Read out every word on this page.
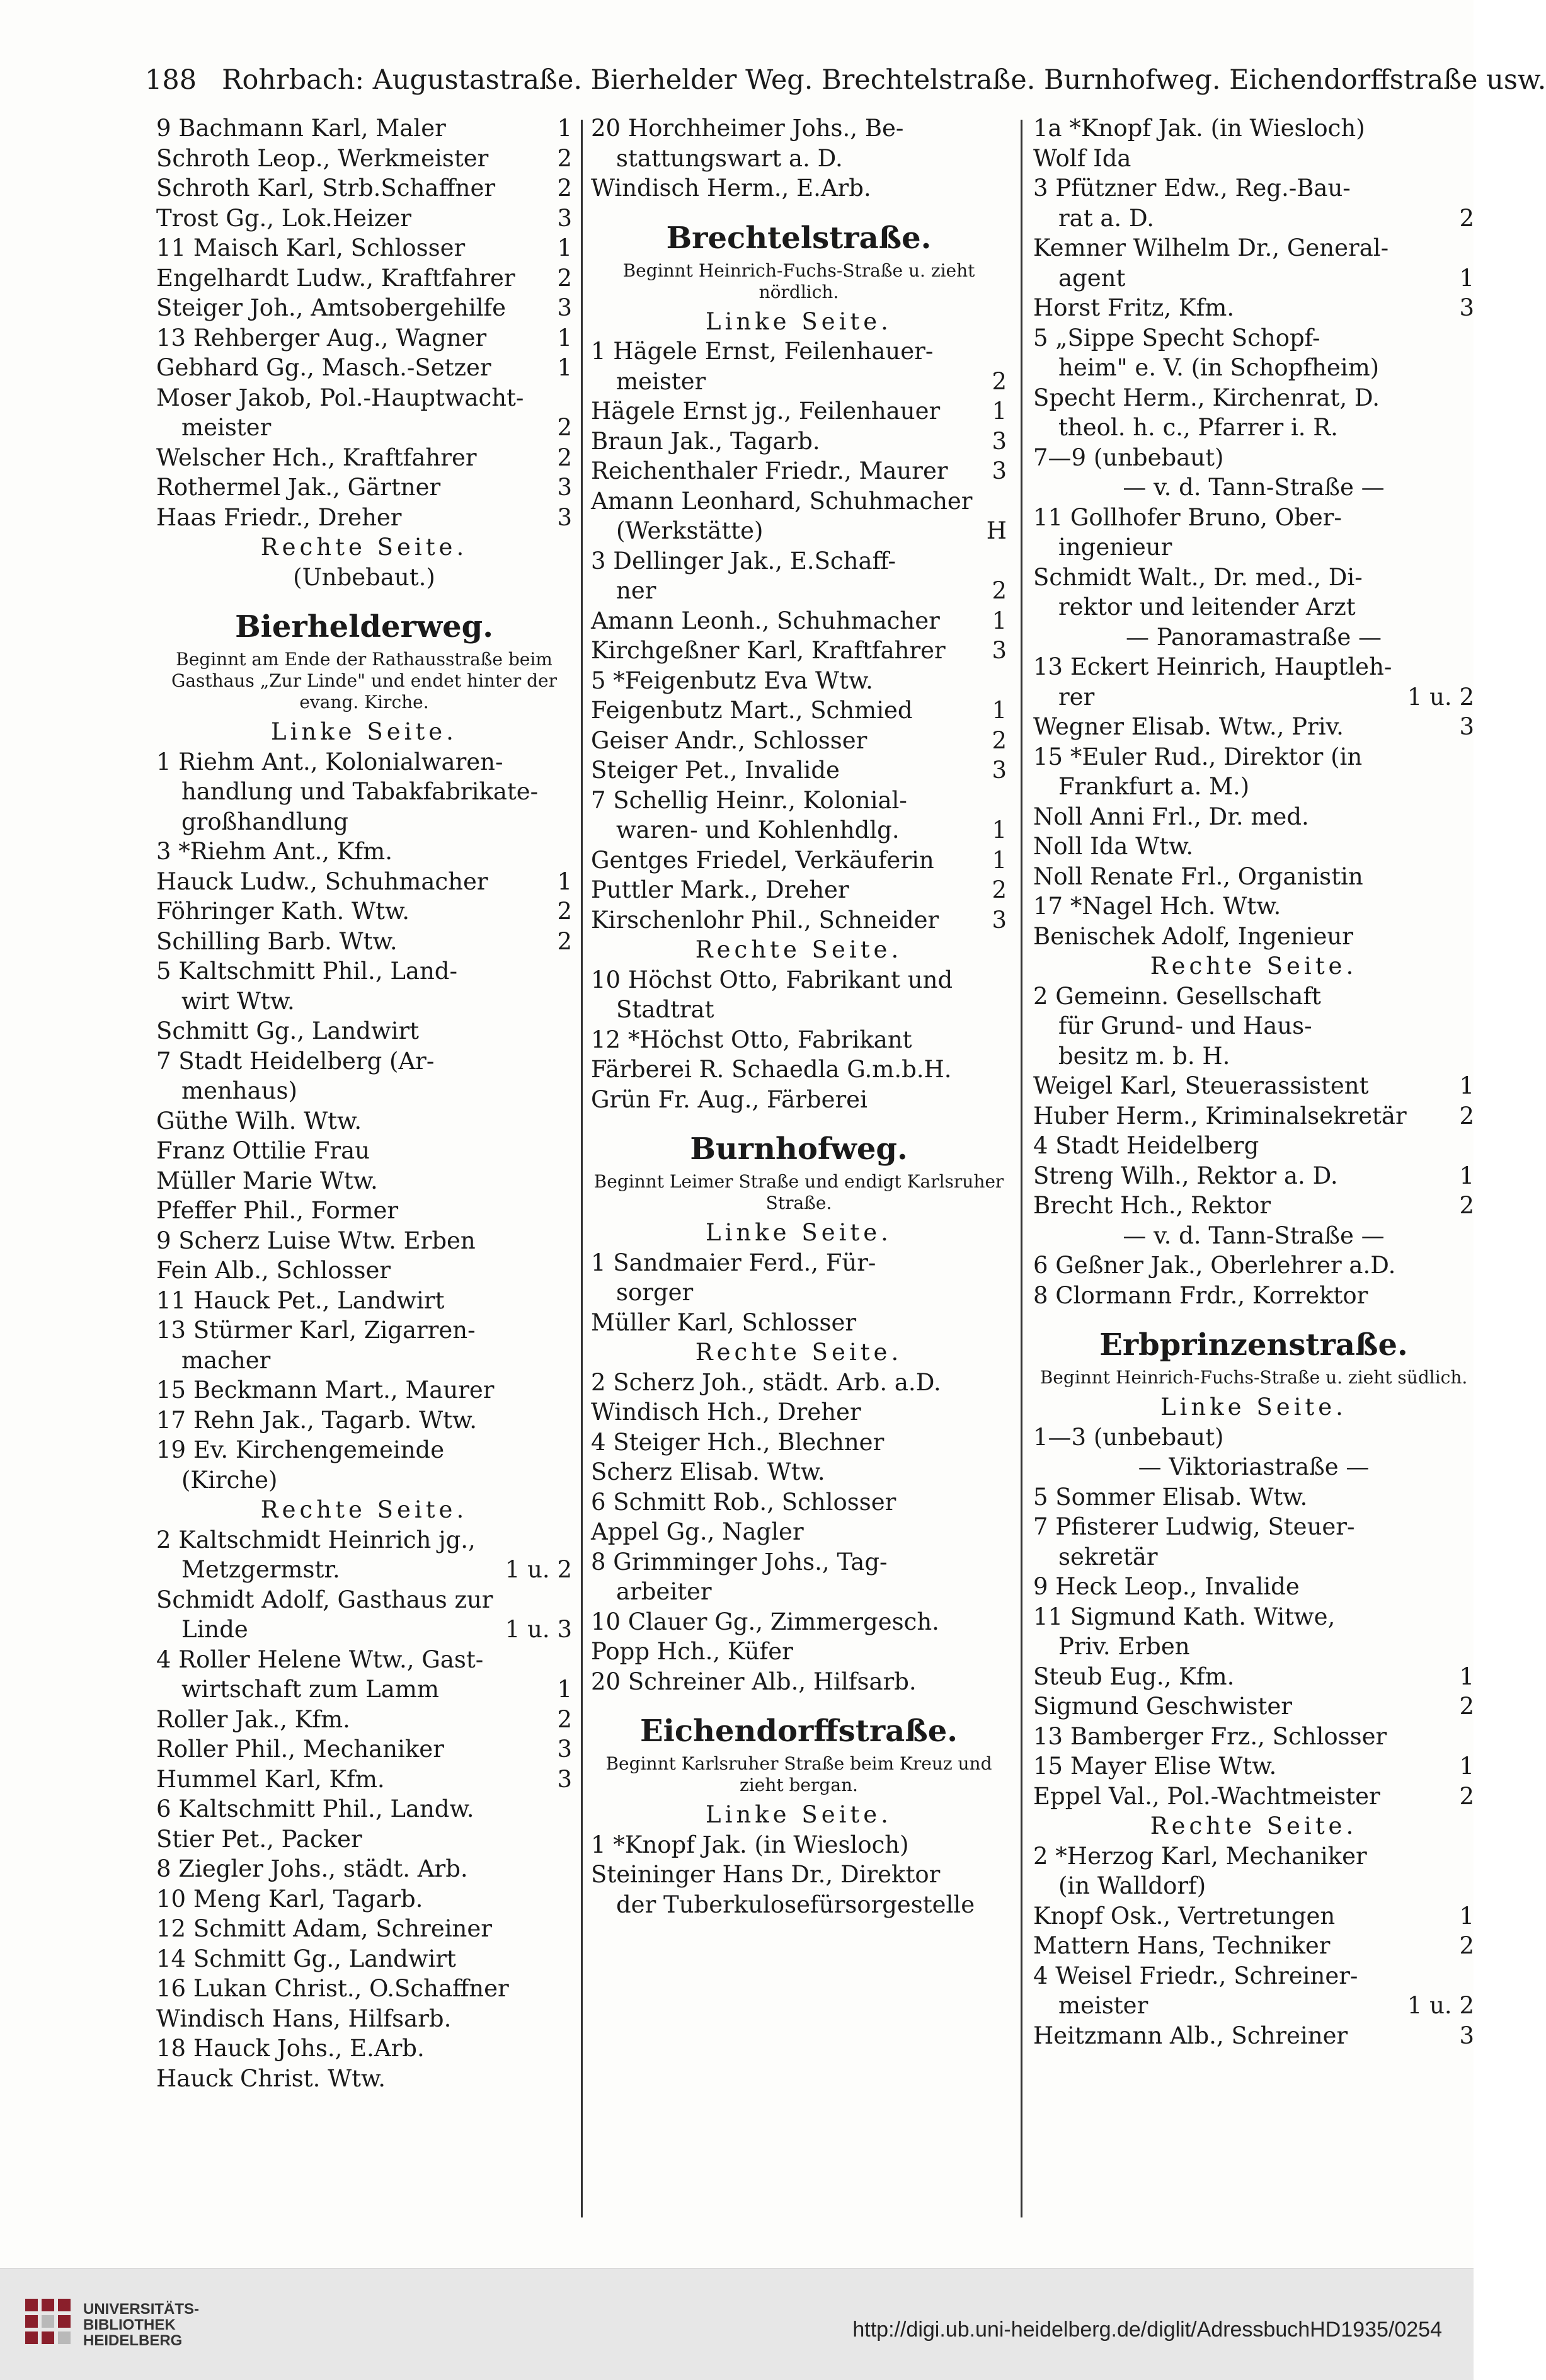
188 Rohrbach: Augustastraße. Bierhelder Weg. Brechtelstraße. Burnhofweg. Eichendorffstraße usw.
9 Bachmann Karl, Maler	1
Schroth Leop., Werkmeister	2
Schroth Karl, Strb.Schaffner	2
Trost Gg., Lok.Heizer	3
11 Maisch Karl, Schlosser	1
Engelhardt Ludw., Kraftfahrer	2
Steiger Joh., Amtsobergehilfe	3
13 Rehberger Aug., Wagner	1
Gebhard Gg., Masch.-Setzer	1
Moser Jakob, Pol.-Hauptwacht-
meister	2
Welscher Hch., Kraftfahrer	2
Rothermel Jak., Gärtner	3
Haas Friedr., Dreher	3
Rechte Seite.
(Unbebaut.)
Bierhelderweg.
Beginnt am Ende der Rathausstraße beim Gasthaus „Zur Linde" und endet hinter der evang. Kirche.
Linke Seite.
1 Riehm Ant., Kolonialwaren-
handlung und Tabakfabrikate-
großhandlung
3 *Riehm Ant., Kfm.
Hauck Ludw., Schuhmacher	1
Föhringer Kath. Wtw.	2
Schilling Barb. Wtw.	2
5 Kaltschmitt Phil., Land-
wirt Wtw.
Schmitt Gg., Landwirt
7 Stadt Heidelberg (Ar-
menhaus)
Güthe Wilh. Wtw.
Franz Ottilie Frau
Müller Marie Wtw.
Pfeffer Phil., Former
9 Scherz Luise Wtw. Erben
Fein Alb., Schlosser
11 Hauck Pet., Landwirt
13 Stürmer Karl, Zigarren-
macher
15 Beckmann Mart., Maurer
17 Rehn Jak., Tagarb. Wtw.
19 Ev. Kirchengemeinde
(Kirche)
Rechte Seite.
2 Kaltschmidt Heinrich jg.,
Metzgermstr.	1 u. 2
Schmidt Adolf, Gasthaus zur
Linde	1 u. 3
4 Roller Helene Wtw., Gast-
wirtschaft zum Lamm	1
Roller Jak., Kfm.	2
Roller Phil., Mechaniker	3
Hummel Karl, Kfm.	3
6 Kaltschmitt Phil., Landw.
Stier Pet., Packer
8 Ziegler Johs., städt. Arb.
10 Meng Karl, Tagarb.
12 Schmitt Adam, Schreiner
14 Schmitt Gg., Landwirt
16 Lukan Christ., O.Schaffner
Windisch Hans, Hilfsarb.
18 Hauck Johs., E.Arb.
Hauck Christ. Wtw.
20 Horchheimer Johs., Be-
stattungswart a. D.
Windisch Herm., E.Arb.
Brechtelstraße.
Beginnt Heinrich-Fuchs-Straße u. zieht nördlich.
Linke Seite.
1 Hägele Ernst, Feilenhauer-
meister	2
Hägele Ernst jg., Feilenhauer	1
Braun Jak., Tagarb.	3
Reichenthaler Friedr., Maurer	3
Amann Leonhard, Schuhmacher
(Werkstätte)	H
3 Dellinger Jak., E.Schaff-
ner	2
Amann Leonh., Schuhmacher	1
Kirchgeßner Karl, Kraftfahrer	3
5 *Feigenbutz Eva Wtw.
Feigenbutz Mart., Schmied	1
Geiser Andr., Schlosser	2
Steiger Pet., Invalide	3
7 Schellig Heinr., Kolonial-
waren- und Kohlenhdlg.	1
Gentges Friedel, Verkäuferin	1
Puttler Mark., Dreher	2
Kirschenlohr Phil., Schneider	3
Rechte Seite.
10 Höchst Otto, Fabrikant und
Stadtrat
12 *Höchst Otto, Fabrikant
Färberei R. Schaedla G.m.b.H.
Grün Fr. Aug., Färberei
Burnhofweg.
Beginnt Leimer Straße und endigt Karlsruher Straße.
Linke Seite.
1 Sandmaier Ferd., Für-
sorger
Müller Karl, Schlosser
Rechte Seite.
2 Scherz Joh., städt. Arb. a.D.
Windisch Hch., Dreher
4 Steiger Hch., Blechner
Scherz Elisab. Wtw.
6 Schmitt Rob., Schlosser
Appel Gg., Nagler
8 Grimminger Johs., Tag-
arbeiter
10 Clauer Gg., Zimmergesch.
Popp Hch., Küfer
20 Schreiner Alb., Hilfsarb.
Eichendorffstraße.
Beginnt Karlsruher Straße beim Kreuz und zieht bergan.
Linke Seite.
1 *Knopf Jak. (in Wiesloch)
Steininger Hans Dr., Direktor
der Tuberkulosefürsorgestelle
1a *Knopf Jak. (in Wiesloch)
Wolf Ida
3 Pfützner Edw., Reg.-Bau-
rat a. D.	2
Kemner Wilhelm Dr., General-
agent	1
Horst Fritz, Kfm.	3
5 „Sippe Specht Schopf-
heim" e. V. (in Schopfheim)
Specht Herm., Kirchenrat, D.
theol. h. c., Pfarrer i. R.
7—9 (unbebaut)
— v. d. Tann-Straße —
11 Gollhofer Bruno, Ober-
ingenieur
Schmidt Walt., Dr. med., Di-
rektor und leitender Arzt
— Panoramastraße —
13 Eckert Heinrich, Hauptleh-
rer	1 u. 2
Wegner Elisab. Wtw., Priv.	3
15 *Euler Rud., Direktor (in
Frankfurt a. M.)
Noll Anni Frl., Dr. med.
Noll Ida Wtw.
Noll Renate Frl., Organistin
17 *Nagel Hch. Wtw.
Benischek Adolf, Ingenieur
Rechte Seite.
2 Gemeinn. Gesellschaft
für Grund- und Haus-
besitz m. b. H.
Weigel Karl, Steuerassistent	1
Huber Herm., Kriminalsekretär	2
4 Stadt Heidelberg
Streng Wilh., Rektor a. D.	1
Brecht Hch., Rektor	2
— v. d. Tann-Straße —
6 Geßner Jak., Oberlehrer a.D.
8 Clormann Frdr., Korrektor
Erbprinzenstraße.
Beginnt Heinrich-Fuchs-Straße u. zieht südlich.
Linke Seite.
1—3 (unbebaut)
— Viktoriastraße —
5 Sommer Elisab. Wtw.
7 Pfisterer Ludwig, Steuer-
sekretär
9 Heck Leop., Invalide
11 Sigmund Kath. Witwe,
Priv. Erben
Steub Eug., Kfm.	1
Sigmund Geschwister	2
13 Bamberger Frz., Schlosser
15 Mayer Elise Wtw.	1
Eppel Val., Pol.-Wachtmeister	2
Rechte Seite.
2 *Herzog Karl, Mechaniker
(in Walldorf)
Knopf Osk., Vertretungen	1
Mattern Hans, Techniker	2
4 Weisel Friedr., Schreiner-
meister	1 u. 2
Heitzmann Alb., Schreiner	3
UNIVERSITÄTS-
BIBLIOTHEK
HEIDELBERG	http://digi.ub.uni-heidelberg.de/diglit/AdressbuchHD1935/0254
